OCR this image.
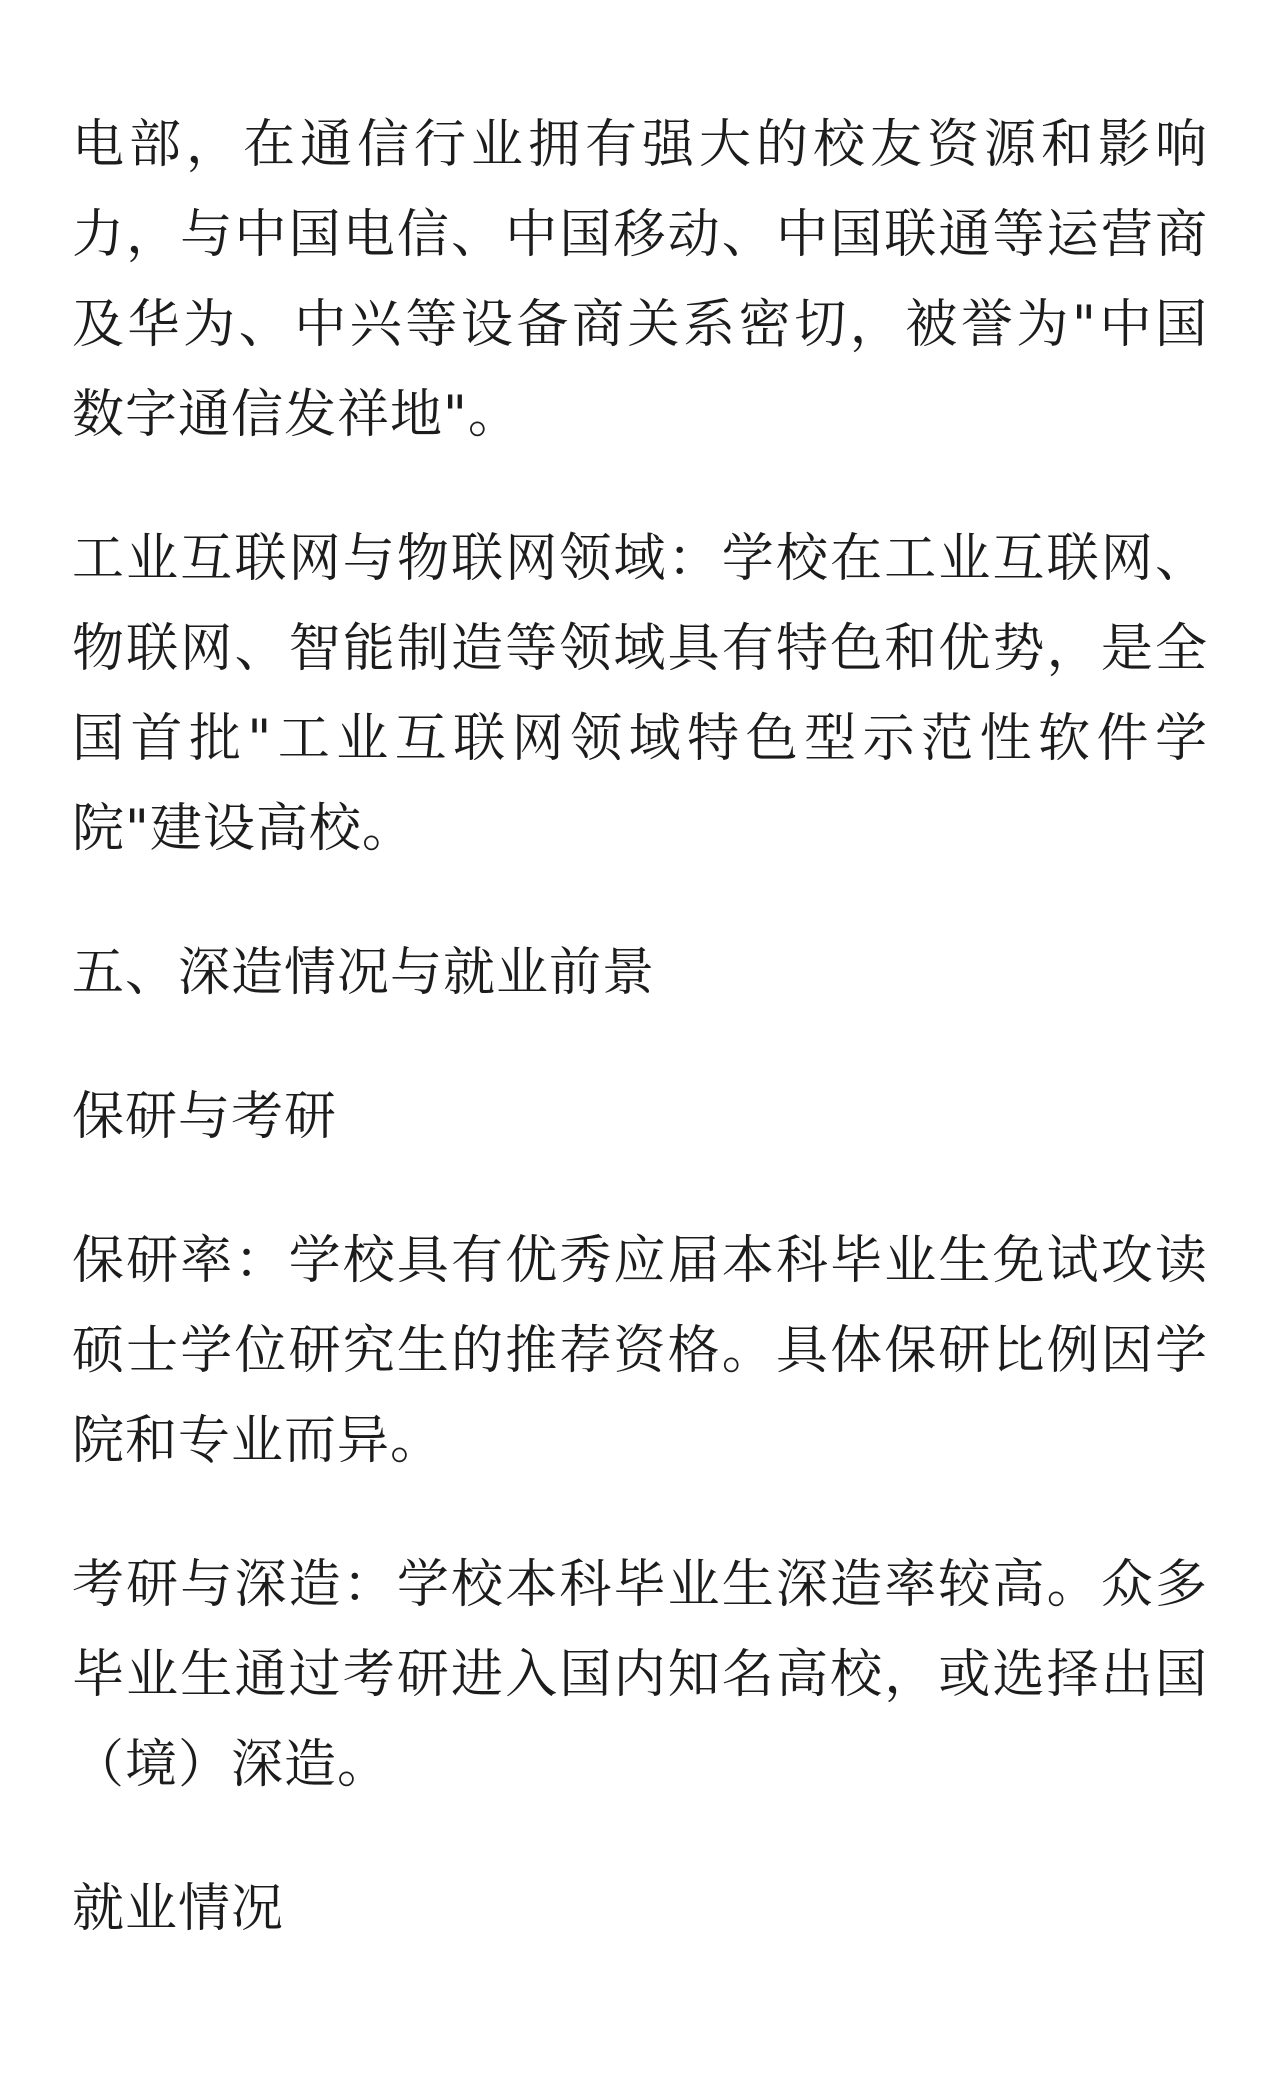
电部，在通信行业拥有强大的校友资源和影响力，与中国电信、中国移动、中国联通等运营商及华为、中兴等设备商关系密切，被誉为"中国数字通信发祥地"。

工业互联网与物联网领域：学校在工业互联网、物联网、智能制造等领域具有特色和优势，是全国首批"工业互联网领域特色型示范性软件学院"建设高校。

五、深造情况与就业前景

保研与考研

保研率：学校具有优秀应届本科毕业生免试攻读硕士学位研究生的推荐资格。具体保研比例因学院和专业而异。

考研与深造：学校本科毕业生深造率较高。众多毕业生通过考研进入国内知名高校，或选择出国（境）深造。

就业情况
